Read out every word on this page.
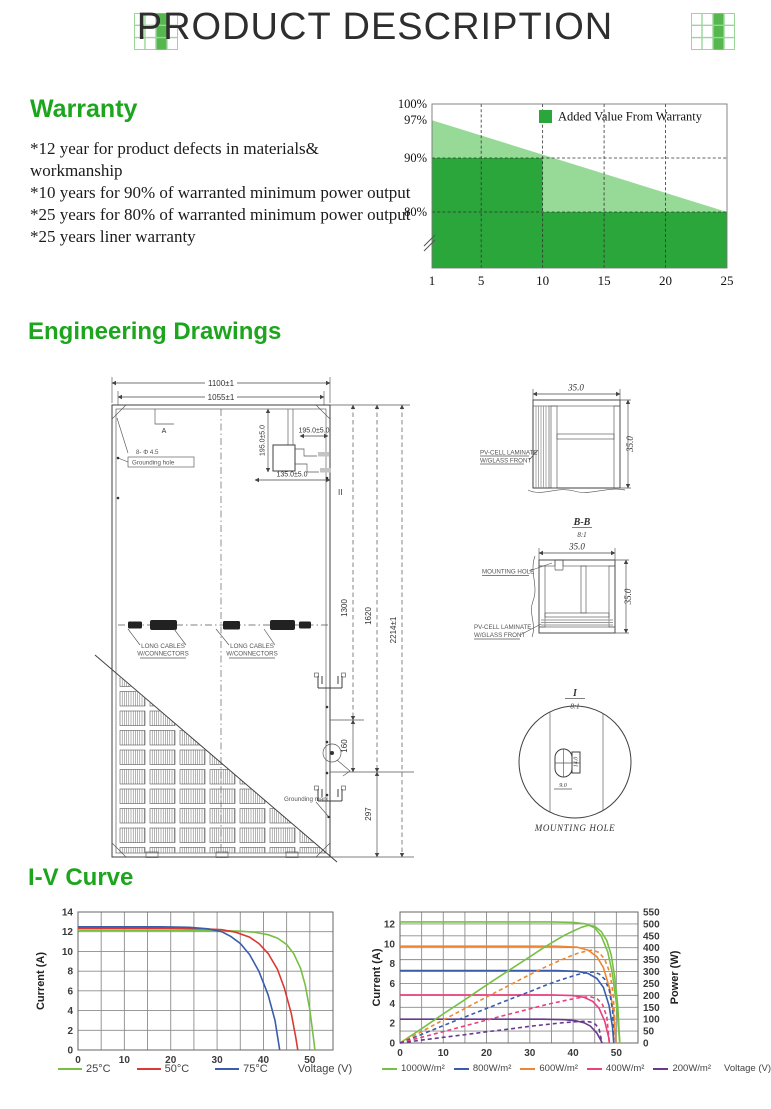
PRODUCT DESCRIPTION
Warranty
*12 year for product defects in materials&
workmanship
*10 years for 90% of warranted minimum power output
*25 years for 80% of warranted minimum power output
*25 years liner warranty
100%
97%
90%
80%
1	5	10	15	20	25
Added Value From Warranty
Engineering Drawings
1100±1
1055±1
8- Φ 4.5
Grounding hole
A	195.0±5.0	195.0±5.0
135.0±5.0
II
1300 1620
2214±1
160
297
Grounding mark
LONG CABLES
W/CONNECTORS
LONG CABLES
W/CONNECTORS
35.0
35.0
PV-CELL LAMINATE
W/GLASS FRONT
B-B
8:1
35.0
35.0
MOUNTING HOLE
PV-CELL LAMINATE
W/GLASS FRONT
I
8:1
14.0
9.0
MOUNTING HOLE
I-V Curve
0	10	20	30	40	50
0
2
4
6
8
10
12
14
Current (A)
0	10	20	30	40	50
0
2
4
6
8
10
12
0
50
100
150
200
250
300
350
400
450
500
550
Current (A)	Power (W)
25°C	50°C	75°C	Voltage (V)	1000W/m²	800W/m²	600W/m²	400W/m²	200W/m² Voltage (V)
